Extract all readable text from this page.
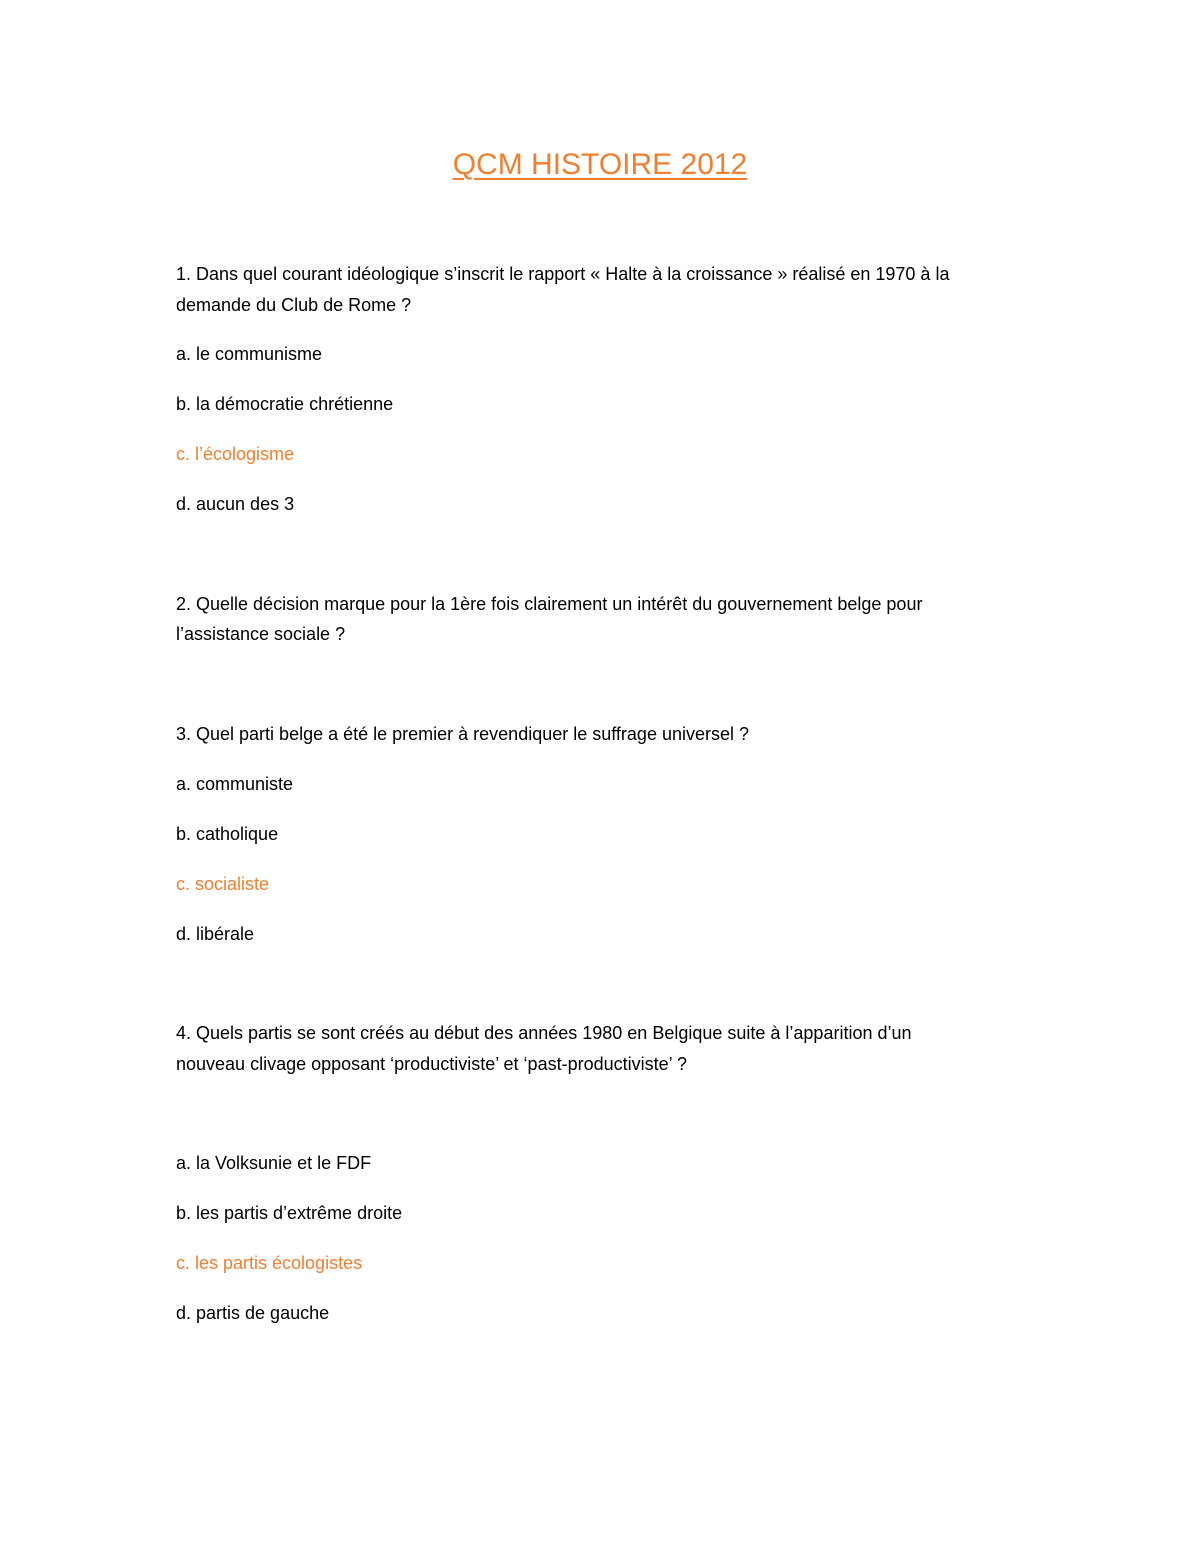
QCM HISTOIRE 2012
1. Dans quel courant idéologique s’inscrit le rapport « Halte à la croissance » réalisé en 1970 à la
demande du Club de Rome ?
a. le communisme
b. la démocratie chrétienne
c. l’écologisme
d. aucun des 3
2. Quelle décision marque pour la 1ère fois clairement un intérêt du gouvernement belge pour
l’assistance sociale ?
3. Quel parti belge a été le premier à revendiquer le suffrage universel ?
a. communiste
b. catholique
c. socialiste
d. libérale
4. Quels partis se sont créés au début des années 1980 en Belgique suite à l’apparition d’un
nouveau clivage opposant ‘productiviste’ et ‘past-productiviste’ ?
a. la Volksunie et le FDF
b. les partis d’extrême droite
c. les partis écologistes
d. partis de gauche
